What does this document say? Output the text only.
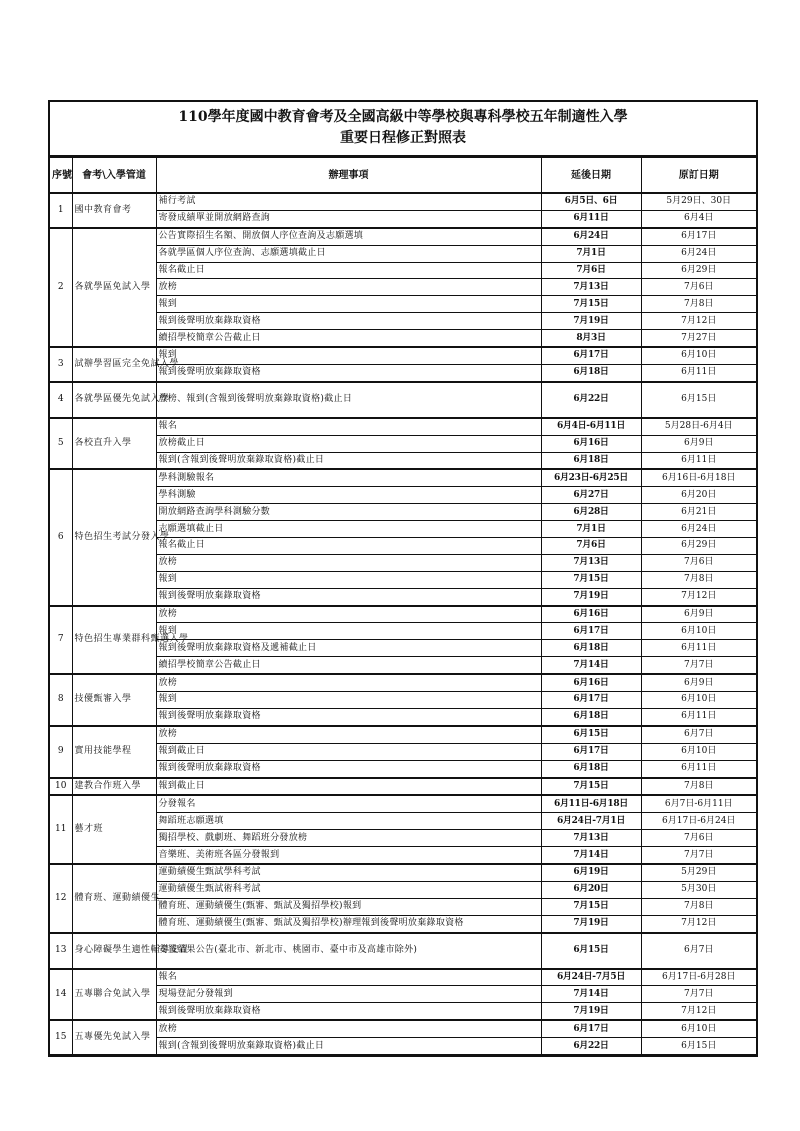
110學年度國中教育會考及全國高級中等學校與專科學校五年制適性入學
重要日程修正對照表
序號	會考\入學管道	辦理事項	延後日期	原訂日期
1	國中教育會考	補行考試	6月5日、6日	5月29日、30日
		寄發成績單並開放網路查詢	6月11日	6月4日
2	各就學區免試入學	公告實際招生名額、開放個人序位查詢及志願選填	6月24日	6月17日
		各就學區個人序位查詢、志願選填截止日	7月1日	6月24日
		報名截止日	7月6日	6月29日
		放榜	7月13日	7月6日
		報到	7月15日	7月8日
		報到後聲明放棄錄取資格	7月19日	7月12日
		續招學校簡章公告截止日	8月3日	7月27日
3	試辦學習區完全免試入學	報到	6月17日	6月10日
		報到後聲明放棄錄取資格	6月18日	6月11日
4	各就學區優先免試入學	放榜、報到(含報到後聲明放棄錄取資格)截止日	6月22日	6月15日
5	各校直升入學	報名	6月4日-6月11日	5月28日-6月4日
		放榜截止日	6月16日	6月9日
		報到(含報到後聲明放棄錄取資格)截止日	6月18日	6月11日
6	特色招生考試分發入學	學科測驗報名	6月23日-6月25日	6月16日-6月18日
		學科測驗	6月27日	6月20日
		開放網路查詢學科測驗分數	6月28日	6月21日
		志願選填截止日	7月1日	6月24日
		報名截止日	7月6日	6月29日
		放榜	7月13日	7月6日
		報到	7月15日	7月8日
		報到後聲明放棄錄取資格	7月19日	7月12日
7	特色招生專業群科甄選入學	放榜	6月16日	6月9日
		報到	6月17日	6月10日
		報到後聲明放棄錄取資格及遞補截止日	6月18日	6月11日
		續招學校簡章公告截止日	7月14日	7月7日
8	技優甄審入學	放榜	6月16日	6月9日
		報到	6月17日	6月10日
		報到後聲明放棄錄取資格	6月18日	6月11日
9	實用技能學程	放榜	6月15日	6月7日
		報到截止日	6月17日	6月10日
		報到後聲明放棄錄取資格	6月18日	6月11日
10	建教合作班入學	報到截止日	7月15日	7月8日
11	藝才班	分發報名	6月11日-6月18日	6月7日-6月11日
		舞蹈班志願選填	6月24日-7月1日	6月17日-6月24日
		獨招學校、戲劇班、舞蹈班分發放榜	7月13日	7月6日
		音樂班、美術班各區分發報到	7月14日	7月7日
12	體育班、運動績優生	運動績優生甄試學科考試	6月19日	5月29日
		運動績優生甄試術科考試	6月20日	5月30日
		體育班、運動績優生(甄審、甄試及獨招學校)報到	7月15日	7月8日
		體育班、運動績優生(甄審、甄試及獨招學校)辦理報到後聲明放棄錄取資格	7月19日	7月12日
13	身心障礙學生適性輔導安置	安置結果公告(臺北市、新北市、桃園市、臺中市及高雄市除外)	6月15日	6月7日
14	五專聯合免試入學	報名	6月24日-7月5日	6月17日-6月28日
		現場登記分發報到	7月14日	7月7日
		報到後聲明放棄錄取資格	7月19日	7月12日
15	五專優先免試入學	放榜	6月17日	6月10日
		報到(含報到後聲明放棄錄取資格)截止日	6月22日	6月15日
